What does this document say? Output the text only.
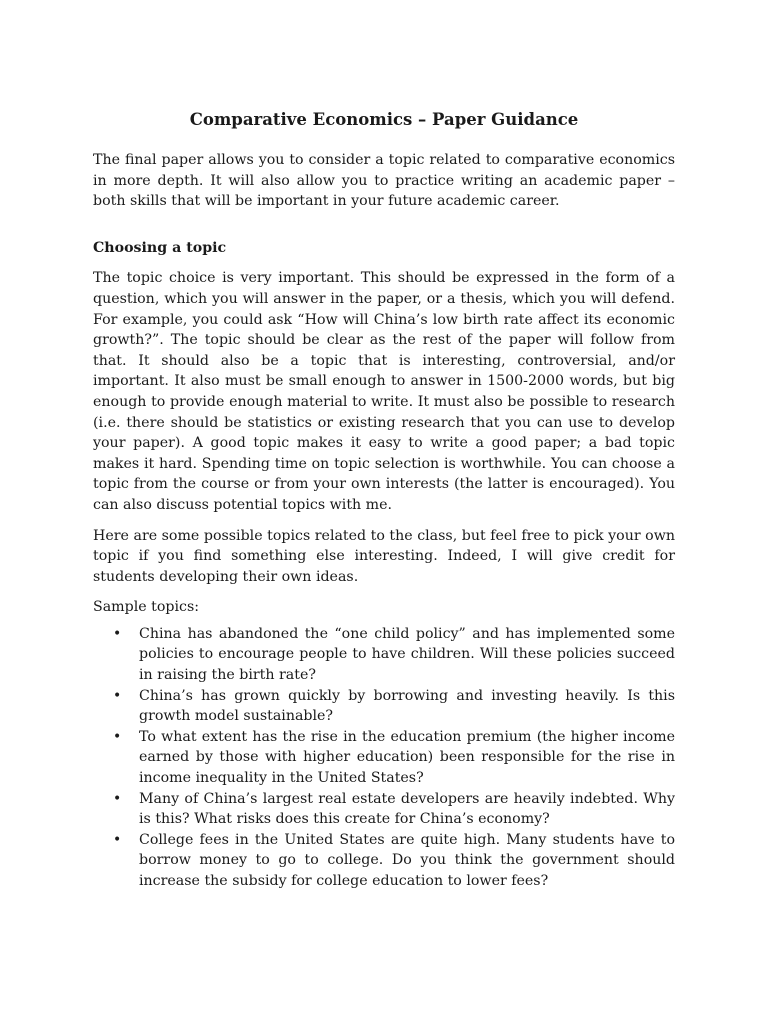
Comparative Economics – Paper Guidance

The final paper allows you to consider a topic related to comparative economics in more depth. It will also allow you to practice writing an academic paper – both skills that will be important in your future academic career.

Choosing a topic

The topic choice is very important. This should be expressed in the form of a question, which you will answer in the paper, or a thesis, which you will defend. For example, you could ask “How will China’s low birth rate affect its economic growth?”. The topic should be clear as the rest of the paper will follow from that. It should also be a topic that is interesting, controversial, and/or important. It also must be small enough to answer in 1500-2000 words, but big enough to provide enough material to write. It must also be possible to research (i.e. there should be statistics or existing research that you can use to develop your paper). A good topic makes it easy to write a good paper; a bad topic makes it hard. Spending time on topic selection is worthwhile. You can choose a topic from the course or from your own interests (the latter is encouraged). You can also discuss potential topics with me.

Here are some possible topics related to the class, but feel free to pick your own topic if you find something else interesting. Indeed, I will give credit for students developing their own ideas.

Sample topics:

• China has abandoned the “one child policy” and has implemented some policies to encourage people to have children. Will these policies succeed in raising the birth rate?
• China’s has grown quickly by borrowing and investing heavily. Is this growth model sustainable?
• To what extent has the rise in the education premium (the higher income earned by those with higher education) been responsible for the rise in income inequality in the United States?
• Many of China’s largest real estate developers are heavily indebted. Why is this? What risks does this create for China’s economy?
• College fees in the United States are quite high. Many students have to borrow money to go to college. Do you think the government should increase the subsidy for college education to lower fees?
